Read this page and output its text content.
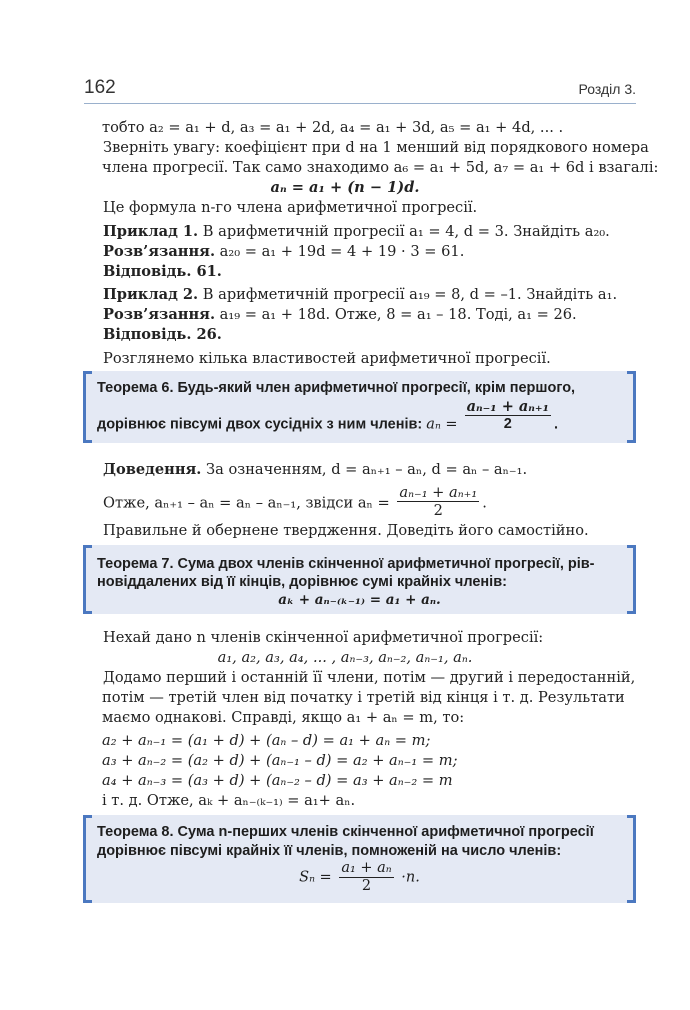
162	Розділ 3.
тобто a₂ = a₁ + d, a₃ = a₁ + 2d, a₄ = a₁ + 3d, a₅ = a₁ + 4d, ... .
Зверніть увагу: коефіцієнт при d на 1 менший від порядкового номера
члена прогресії. Так само знаходимо a₆ = a₁ + 5d, a₇ = a₁ + 6d і взагалі:
aₙ = a₁ + (n − 1)d.
Це формула n-го члена арифметичної прогресії.
Приклад 1. В арифметичній прогресії a₁ = 4, d = 3. Знайдіть a₂₀.
Розв’язання. a₂₀ = a₁ + 19d = 4 + 19 · 3 = 61.
Відповідь. 61.
Приклад 2. В арифметичній прогресії a₁₉ = 8, d = –1. Знайдіть a₁.
Розв’язання. a₁₉ = a₁ + 18d. Отже, 8 = a₁ – 18. Тоді, a₁ = 26.
Відповідь. 26.
Розглянемо кілька властивостей арифметичної прогресії.
Теорема 6. Будь-який член арифметичної прогресії, крім першого,
дорівнює півсумі двох сусідніх з ним членів: $a_n = \frac{\text{aₙ₋₁ + aₙ₊₁}}{2}$ .
Доведення. За означенням, d = aₙ₊₁ – aₙ, d = aₙ – aₙ₋₁.
Отже, aₙ₊₁ – aₙ = aₙ – aₙ₋₁, звідси $a_n = \frac{\text{aₙ₋₁ + aₙ₊₁}}{2}$ .
Правильне й обернене твердження. Доведіть його самостійно.
Теорема 7. Сума двох членів скінченної арифметичної прогресії, рів-
новіддалених від її кінців, дорівнює сумі крайніх членів:
aₖ + aₙ₋₍ₖ₋₁₎ = a₁ + aₙ.
Нехай дано n членів скінченної арифметичної прогресії:
a₁, a₂, a₃, a₄, ... , aₙ₋₃, aₙ₋₂, aₙ₋₁, aₙ.
Додамо перший і останній її члени, потім — другий і передостанній,
потім — третій член від початку і третій від кінця і т. д. Результати
маємо однакові. Справді, якщо a₁ + aₙ = m, то:
a₂ + aₙ₋₁ = (a₁ + d) + (aₙ – d) = a₁ + aₙ = m;
a₃ + aₙ₋₂ = (a₂ + d) + (aₙ₋₁ – d) = a₂ + aₙ₋₁ = m;
a₄ + aₙ₋₃ = (a₃ + d) + (aₙ₋₂ – d) = a₃ + aₙ₋₂ = m
і т. д. Отже, aₖ + aₙ₋₍ₖ₋₁₎ = a₁+ aₙ.
Теорема 8. Сума n-перших членів скінченної арифметичної прогресії
дорівнює півсумі крайніх її членів, помноженій на число членів:
$S_n = \frac{\text{a₁ + aₙ}}{2} \cdot n$.
